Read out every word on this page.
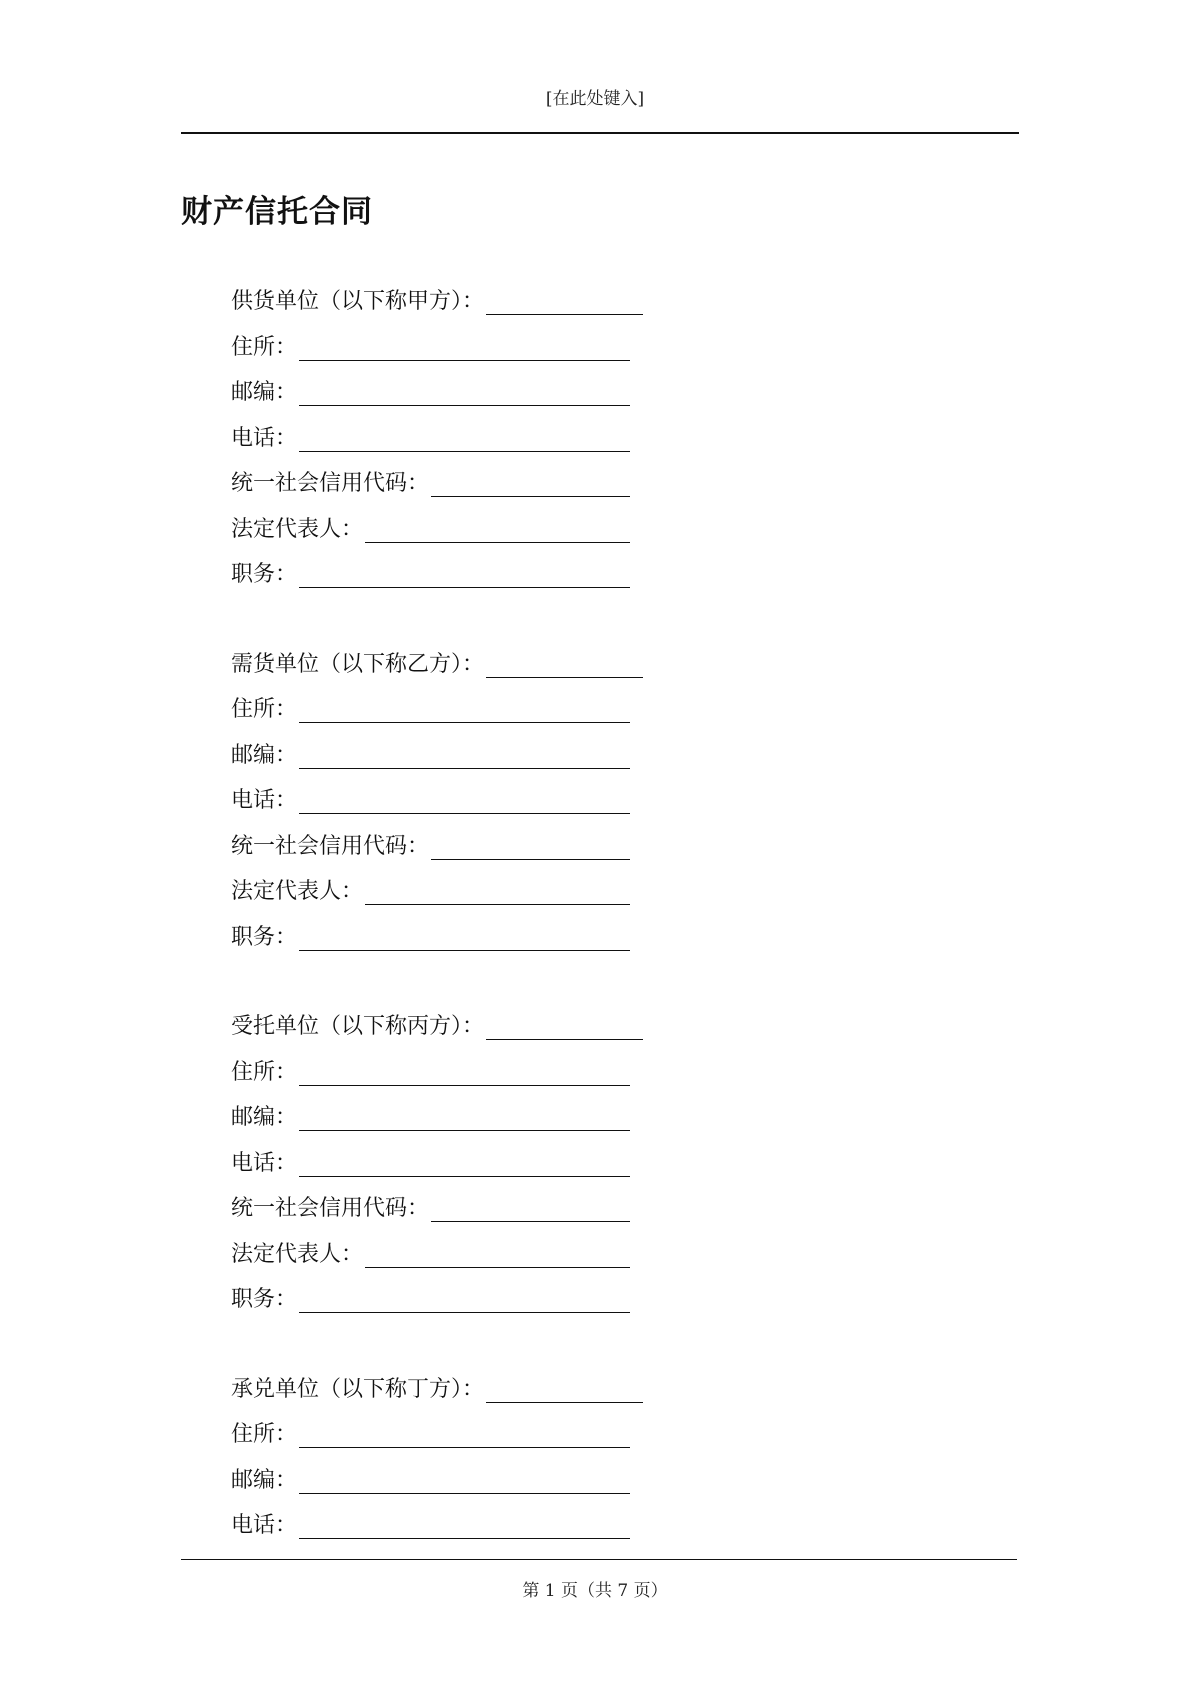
[在此处键入]
财产信托合同
供货单位（以下称甲方）：
住所：
邮编：
电话：
统一社会信用代码：
法定代表人：
职务：
需货单位（以下称乙方）：
住所：
邮编：
电话：
统一社会信用代码：
法定代表人：
职务：
受托单位（以下称丙方）：
住所：
邮编：
电话：
统一社会信用代码：
法定代表人：
职务：
承兑单位（以下称丁方）：
住所：
邮编：
电话：
第 1 页（共 7 页）
